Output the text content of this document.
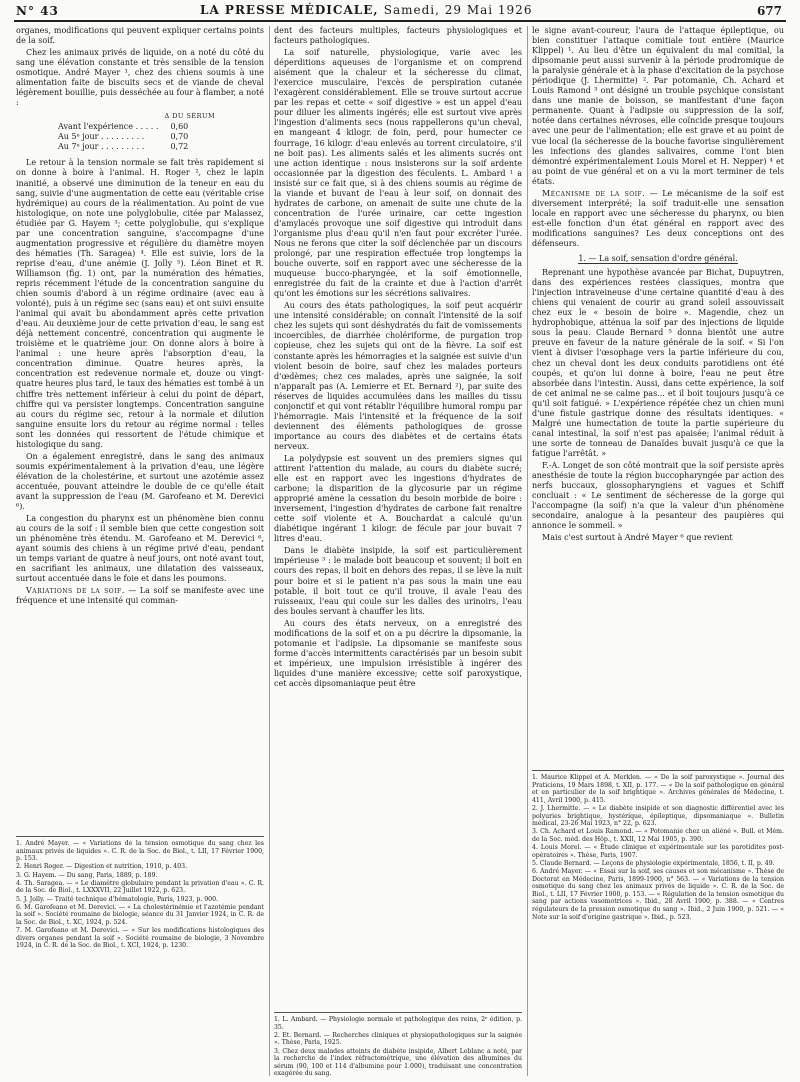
N° 43	LA PRESSE MÉDICALE, Samedi, 29 Mai 1926	677

organes, modifications qui peuvent expliquer certains points de la soif.

Chez les animaux privés de liquide, on a noté du côté du sang une élévation constante et très sensible de la tension osmotique. André Mayer ¹, chez des chiens soumis à une alimentation faite de biscuits secs et de viande de cheval légèrement bouillie, puis desséchée au four à flamber, a noté :

	Δ DU SÉRUM
Avant l'expérience . . . . .	0,60
Au 5ᵉ jour . . . . . . . . .	0,70
Au 7ᵉ jour . . . . . . . . .	0,72

Le retour à la tension normale se fait très rapidement si on donne à boire à l'animal. H. Roger ², chez le lapin inanitié, a observé une diminution de la teneur en eau du sang, suivie d'une augmentation de cette eau (véritable crise hydrémique) au cours de la réalimentation. Au point de vue histologique, on note une polyglobulie, citée par Malassez, étudiée par G. Hayem ³; cette polyglobulie, qui s'explique par une concentration sanguine, s'accompagne d'une augmentation progressive et régulière du diamètre moyen des hématies (Th. Saragea) ⁴. Elle est suivie, lors de la reprise d'eau, d'une anémie (J. Jolly ⁵). Léon Binet et R. Williamson (fig. 1) ont, par la numération des hématies, repris récemment l'étude de la concentration sanguine du chien soumis d'abord à un régime ordinaire (avec eau à volonté), puis à un régime sec (sans eau) et ont suivi ensuite l'animal qui avait bu abondamment après cette privation d'eau. Au deuxième jour de cette privation d'eau, le sang est déjà nettement concentré, concentration qui augmente le troisième et le quatrième jour. On donne alors à boire à l'animal : une heure après l'absorption d'eau, la concentration diminue. Quatre heures après, la concentration est redevenue normale et, douze ou vingt-quatre heures plus tard, le taux des hématies est tombé à un chiffre très nettement inférieur à celui du point de départ, chiffre qui va persister longtemps. Concentration sanguine au cours du régime sec, retour à la normale et dilution sanguine ensuite lors du retour au régime normal : telles sont les données qui ressortent de l'étude chimique et histologique du sang.

On a également enregistré, dans le sang des animaux soumis expérimentalement à la privation d'eau, une légère élévation de la cholestérine, et surtout une azotémie assez accentuée, pouvant atteindre le double de ce qu'elle était avant la suppression de l'eau (M. Garofeano et M. Derevici ⁶).

La congestion du pharynx est un phénomène bien connu au cours de la soif : il semble bien que cette congestion soit un phénomène très étendu. M. Garofeano et M. Derevici ⁶, ayant soumis des chiens à un régime privé d'eau, pendant un temps variant de quatre à neuf jours, ont noté avant tout, en sacrifiant les animaux, une dilatation des vaisseaux, surtout accentuée dans le foie et dans les poumons.

Variations de la soif. — La soif se manifeste avec une fréquence et une intensité qui comman-

1. André Mayer. — « Variations de la tension osmotique du sang chez les animaux privés de liquides ». C. R. de la Soc. de Biol., t. LII, 17 Février 1900, p. 153.
2. Henri Roger. — Digestion et nutrition, 1910, p. 403.
3. G. Hayem. — Du sang, Paris, 1889, p. 189.
4. Th. Saragea. — « Le diamètre globulaire pendant la privation d'eau ». C. R. de la Soc. de Biol., t. LXXXVII, 22 Juillet 1922, p. 623.
5. J. Jolly. — Traité technique d'hématologie, Paris, 1923, p. 900.
6. M. Garofeano et M. Derevici. — « La cholestérinémie et l'azotémie pendant la soif ». Société roumaine de biologie, séance du 31 Janvier 1924, in C. R. de la Soc. de Biol., t. XC, 1924, p. 524.
7. M. Garofeano et M. Derevici. — « Sur les modifications histologiques des divers organes pendant la soif ». Société roumaine de biologie, 3 Novembre 1924, in C. R. de la Soc. de Biol., t. XCI, 1924, p. 1230.

dent des facteurs multiples, facteurs physiologiques et facteurs pathologiques.

La soif naturelle, physiologique, varie avec les déperditions aqueuses de l'organisme et on comprend aisément que la chaleur et la sécheresse du climat, l'exercice musculaire, l'excès de perspiration cutanée l'exagèrent considérablement. Elle se trouve surtout accrue par les repas et cette « soif digestive » est un appel d'eau pour diluer les aliments ingérés; elle est surtout vive après l'ingestion d'aliments secs (nous rappellerons qu'un cheval, en mangeant 4 kilogr. de foin, perd, pour humecter ce fourrage, 16 kilogr. d'eau enlevés au torrent circulatoire, s'il ne boit pas). Les aliments salés et les aliments sucrés ont une action identique : nous insisterons sur la soif ardente occasionnée par la digestion des féculents. L. Ambard ¹ a insisté sur ce fait que, si à des chiens soumis au régime de la viande et buvant de l'eau à leur soif, on donnait des hydrates de carbone, on amenait de suite une chute de la concentration de l'urée urinaire, car cette ingestion d'amylacés provoque une soif digestive qui introduit dans l'organisme plus d'eau qu'il n'en faut pour excréter l'urée. Nous ne ferons que citer la soif déclenchée par un discours prolongé, par une respiration effectuée trop longtemps la bouche ouverte, soif en rapport avec une sécheresse de la muqueuse bucco-pharyngée, et la soif émotionnelle, enregistrée du fait de la crainte et due à l'action d'arrêt qu'ont les émotions sur les sécrétions salivaires.

Au cours des états pathologiques, la soif peut acquérir une intensité considérable; on connaît l'intensité de la soif chez les sujets qui sont déshydratés du fait de vomissements incoercibles, de diarrhée cholériforme, de purgation trop copieuse, chez les sujets qui ont de la fièvre. La soif est constante après les hémorragies et la saignée est suivie d'un violent besoin de boire, sauf chez les malades porteurs d'œdèmes; chez ces malades, après une saignée, la soif n'apparaît pas (A. Lemierre et Et. Bernard ²), par suite des réserves de liquides accumulées dans les mailles du tissu conjonctif et qui vont rétablir l'équilibre humoral rompu par l'hémorragie. Mais l'intensité et la fréquence de la soif deviennent des éléments pathologiques de grosse importance au cours des diabètes et de certains états nerveux.

La polydypsie est souvent un des premiers signes qui attirent l'attention du malade, au cours du diabète sucré; elle est en rapport avec les ingestions d'hydrates de carbone; la disparition de la glycosurie par un régime approprié amène la cessation du besoin morbide de boire : inversement, l'ingestion d'hydrates de carbone fait renaître cette soif violente et A. Bouchardat a calculé qu'un diabétique ingérant 1 kilogr. de fécule par jour buvait 7 litres d'eau.

Dans le diabète insipide, la soif est particulièrement impérieuse ³ : le malade boit beaucoup et souvent; il boit en cours des repas, il boit en dehors des repas, il se lève la nuit pour boire et si le patient n'a pas sous la main une eau potable, il boit tout ce qu'il trouve, il avale l'eau des ruisseaux, l'eau qui coule sur les dalles des urinoirs, l'eau des boules servant à chauffer les lits.

Au cours des états nerveux, on a enregistré des modifications de la soif et on a pu décrire la dipsomanie, la potomanie et l'adipsie. La dipsomanie se manifeste sous forme d'accès intermittents caractérisés par un besoin subit et impérieux, une impulsion irrésistible à ingérer des liquides d'une manière excessive; cette soif paroxystique, cet accès dipsomaniaque peut être

1. L. Ambard. — Physiologie normale et pathologique des reins, 2ᵉ édition, p. 35.
2. Et. Bernard. — Recherches cliniques et physiopathologiques sur la saignée ». Thèse, Paris, 1925.
3. Chez deux malades atteints de diabète insipide, Albert Leblanc a noté, par la recherche de l'index réfractométrique, une élévation des albumines du sérum (90, 100 et 114 d'albumine pour 1.000), traduisant une concentration exagérée du sang.

le signe avant-coureur, l'aura de l'attaque épileptique, ou bien constituer l'attaque comitiale tout entière (Maurice Klippel) ¹. Au lieu d'être un équivalent du mal comitial, la dipsomanie peut aussi survenir à la période prodromique de la paralysie générale et à la phase d'excitation de la psychose périodique (J. Lhermitte) ². Par potomanie, Ch. Achard et Louis Ramond ³ ont désigné un trouble psychique consistant dans une manie de boisson, se manifestant d'une façon permanente. Quant à l'adipsie ou suppression de la soif, notée dans certaines névroses, elle coïncide presque toujours avec une peur de l'alimentation; elle est grave et au point de vue local (la sécheresse de la bouche favorise singulièrement les infections des glandes salivaires, comme l'ont bien démontré expérimentalement Louis Morel et H. Nepper) ⁴ et au point de vue général et on a vu la mort terminer de tels états.

Mécanisme de la soif. — Le mécanisme de la soif est diversement interprété; la soif traduit-elle une sensation locale en rapport avec une sécheresse du pharynx, ou bien est-elle fonction d'un état général en rapport avec des modifications sanguines? Les deux conceptions ont des défenseurs.

1. — La soif, sensation d'ordre général.

Reprenant une hypothèse avancée par Bichat, Dupuytren, dans des expériences restées classiques, montra que l'injection intraveineuse d'une certaine quantité d'eau à des chiens qui venaient de courir au grand soleil assouvissait chez eux le « besoin de boire ». Magendie, chez un hydrophobique, atténua la soif par des injections de liquide sous la peau. Claude Bernard ⁵ donna bientôt une autre preuve en faveur de la nature générale de la soif. « Si l'on vient à diviser l'œsophage vers la partie inférieure du cou, chez un cheval dont les deux conduits parotidiens ont été coupés, et qu'on lui donne à boire, l'eau ne peut être absorbée dans l'intestin. Aussi, dans cette expérience, la soif de cet animal ne se calme pas... et il boit toujours jusqu'à ce qu'il soit fatigué. » L'expérience répétée chez un chien muni d'une fistule gastrique donne des résultats identiques. « Malgré une humectation de toute la partie supérieure du canal intestinal, la soif n'est pas apaisée; l'animal réduit à une sorte de tonneau de Danaïdes buvait jusqu'à ce que la fatigue l'arrêtât. »

F.-A. Longet de son côté montrait que la soif persiste après anesthésie de toute la région buccopharyngée par action des nerfs buccaux, glossopharyngiens et vagues et Schiff concluait : « Le sentiment de sécheresse de la gorge qui l'accompagne (la soif) n'a que la valeur d'un phénomène secondaire, analogue à la pesanteur des paupières qui annonce le sommeil. »

Mais c'est surtout à André Mayer ⁶ que revient

1. Maurice Klippel et A. Merklen. — « De la soif paroxystique ». Journal des Praticiens, 19 Mars 1898, t. XII, p. 177. — « De la soif pathologique en général et en particulier de la soif brightique ». Archives générales de Médecine, t. 411, Avril 1900, p. 415.
2. J. Lhermitte. — « Le diabète insipide et son diagnostic différentiel avec les polyuries brightique, hystérique, épileptique, dipsomaniaque ». Bulletin médical, 23-26 Mai 1923, n° 22, p. 623.
3. Ch. Achard et Louis Ramond. — « Potomanie chez un aliéné ». Bull. et Mém. de la Soc. méd. des Hôp., t. XXII, 12 Mai 1905, p. 390.
4. Louis Morel. — « Étude clinique et expérimentale sur les parotidites post-opératoires ». Thèse, Paris, 1907.
5. Claude Bernard. — Leçons de physiologie expérimentale, 1856, t. II, p. 49.
6. André Mayer. — « Essai sur la soif, ses causes et son mécanisme ». Thèse de Doctorat en Médecine, Paris, 1899-1900, n° 563. — « Variations de la tension osmotique du sang chez les animaux privés de liquide ». C. R. de la Soc. de Biol., t. LII, 17 Février 1900, p. 153. — « Régulation de la tension osmotique du sang par actions vasomotrices ». Ibid., 28 Avril 1900, p. 388. — « Centres régulateurs de la pression osmotique du sang ». Ibid., 2 Juin 1900, p. 521. — « Note sur la soif d'origine gastrique ». Ibid., p. 523.
